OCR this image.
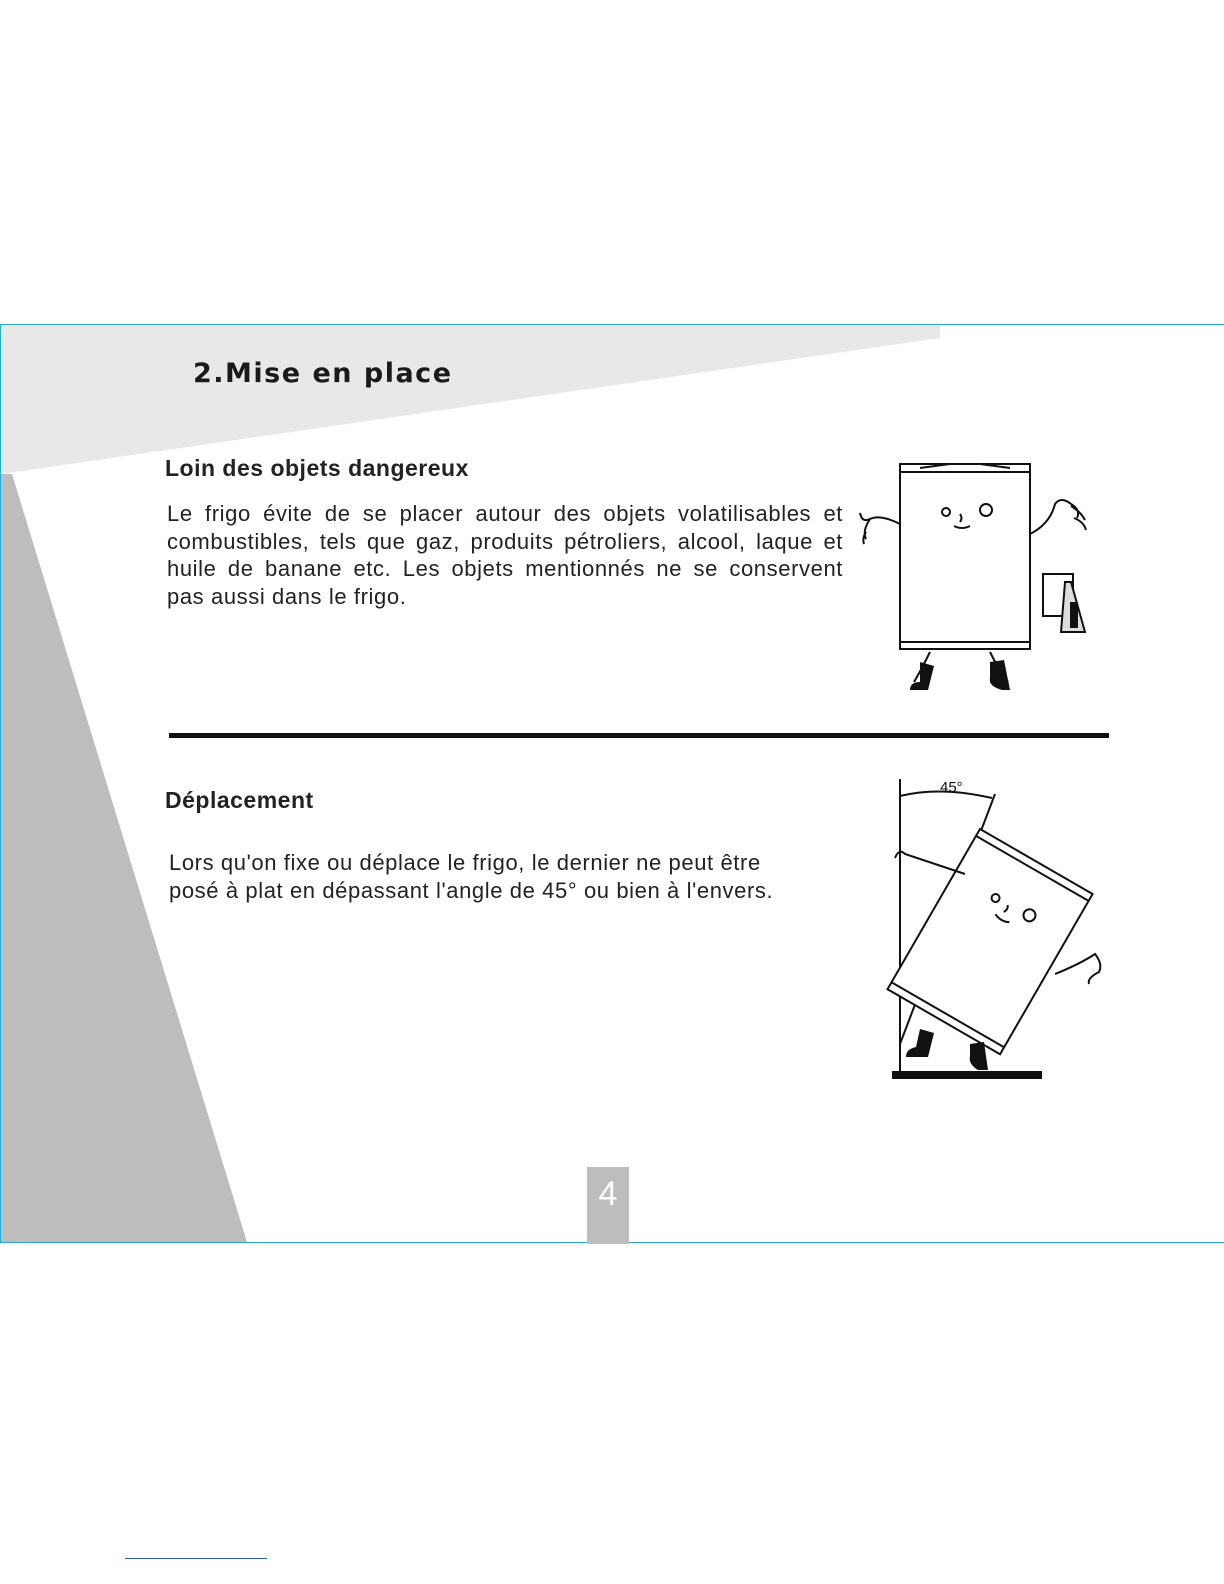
2.Mise en place
Loin des objets dangereux

Le frigo évite de se placer autour des objets volatilisables et combustibles, tels que gaz, produits pétroliers, alcool, laque et huile de banane etc. Les objets mentionnés ne se conservent pas aussi dans le frigo.

Déplacement

Lors qu'on fixe ou déplace le frigo, le dernier ne peut être posé à plat en dépassant l'angle de 45° ou bien à l'envers.

45°
4
